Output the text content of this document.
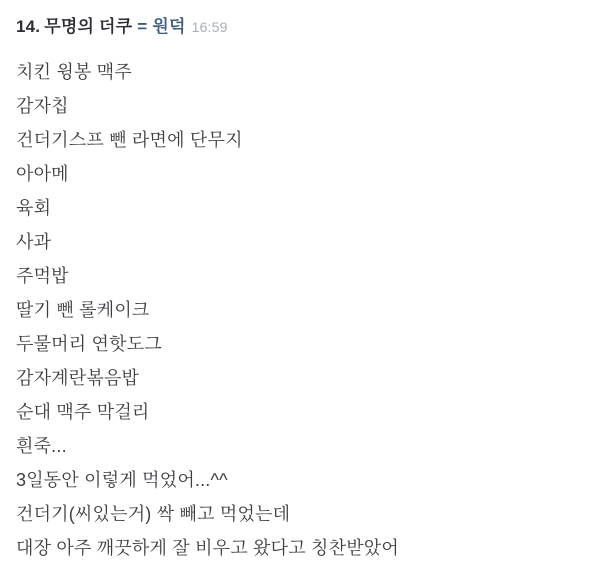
14. 무명의 더쿠 = 원덕 16:59
치킨 윙봉 맥주
감자칩
건더기스프 뺀 라면에 단무지
아아메
육회
사과
주먹밥
딸기 뺀 롤케이크
두물머리 연핫도그
감자계란볶음밥
순대 맥주 막걸리
흰죽...
3일동안 이렇게 먹었어...^^
건더기(씨있는거) 싹 빼고 먹었는데
대장 아주 깨끗하게 잘 비우고 왔다고 칭찬받았어
